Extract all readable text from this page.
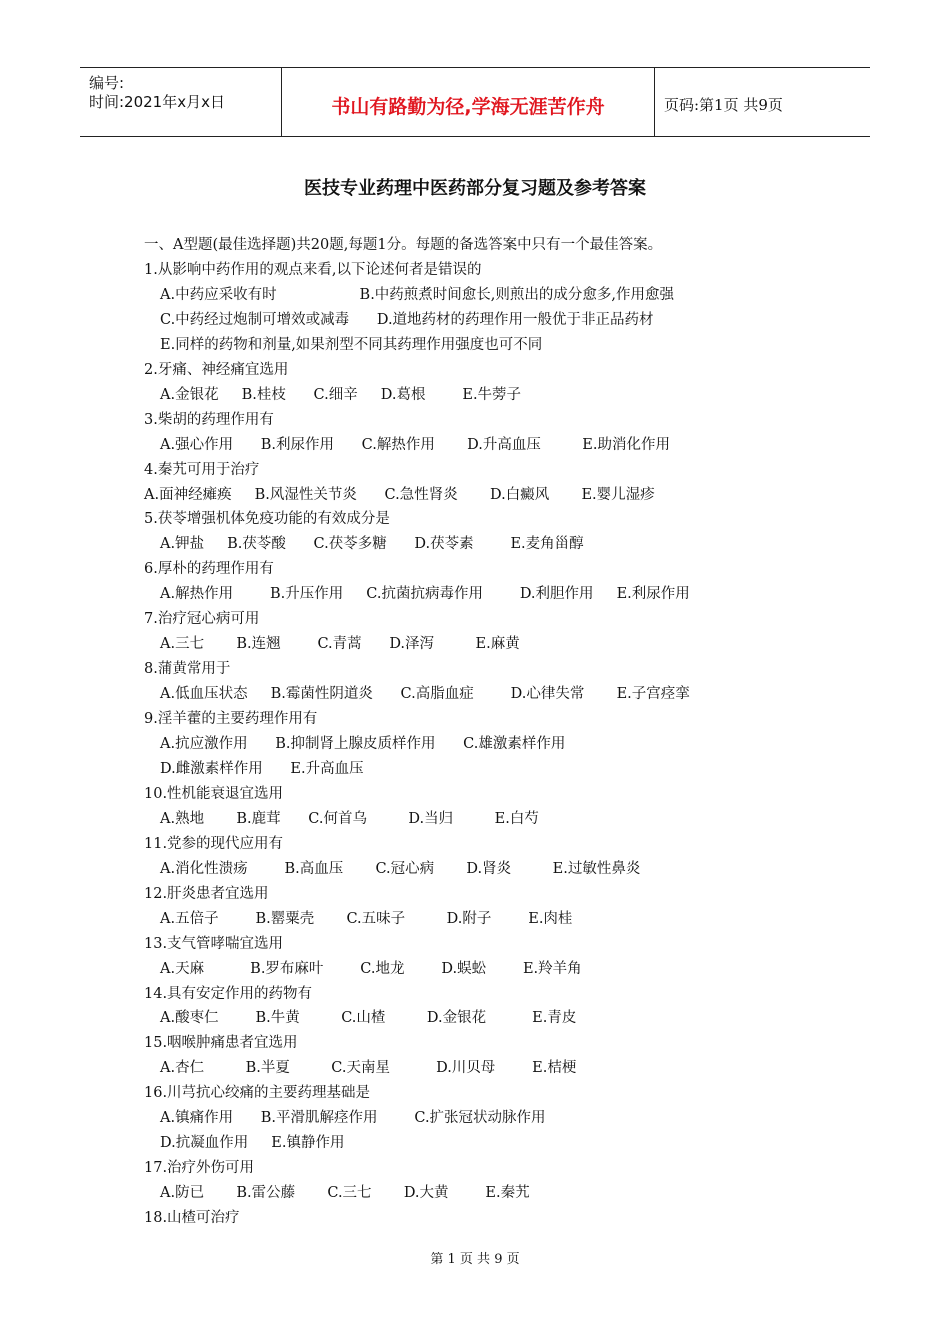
编号:
时间:2021年x月x日	书山有路勤为径,学海无涯苦作舟	页码:第1页 共9页
医技专业药理中医药部分复习题及参考答案
一、A型题(最佳选择题)共20题,每题1分。每题的备选答案中只有一个最佳答案。
1.从影响中药作用的观点来看,以下论述何者是错误的
A.中药应采收有时                  B.中药煎煮时间愈长,则煎出的成分愈多,作用愈强
C.中药经过炮制可增效或减毒      D.道地药材的药理作用一般优于非正品药材
E.同样的药物和剂量,如果剂型不同其药理作用强度也可不同
2.牙痛、神经痛宜选用
A.金银花     B.桂枝      C.细辛     D.葛根        E.牛蒡子
3.柴胡的药理作用有
A.强心作用      B.利尿作用      C.解热作用       D.升高血压         E.助消化作用
4.秦艽可用于治疗
A.面神经瘫痪     B.风湿性关节炎      C.急性肾炎       D.白癜风       E.婴儿湿疹
5.茯苓增强机体免疫功能的有效成分是
A.钾盐     B.茯苓酸      C.茯苓多糖      D.茯苓素        E.麦角甾醇
6.厚朴的药理作用有
A.解热作用        B.升压作用     C.抗菌抗病毒作用        D.利胆作用     E.利尿作用
7.治疗冠心病可用
A.三七       B.连翘        C.青蒿      D.泽泻         E.麻黄
8.蒲黄常用于
A.低血压状态     B.霉菌性阴道炎      C.高脂血症        D.心律失常       E.子宫痉挛
9.淫羊藿的主要药理作用有
A.抗应激作用      B.抑制肾上腺皮质样作用      C.雄激素样作用
D.雌激素样作用      E.升高血压
10.性机能衰退宜选用
A.熟地       B.鹿茸      C.何首乌         D.当归         E.白芍
11.党参的现代应用有
A.消化性溃疡        B.高血压       C.冠心病       D.肾炎         E.过敏性鼻炎
12.肝炎患者宜选用
A.五倍子        B.罂粟壳       C.五味子         D.附子        E.肉桂
13.支气管哮喘宜选用
A.天麻          B.罗布麻叶        C.地龙        D.蜈蚣        E.羚羊角
14.具有安定作用的药物有
A.酸枣仁        B.牛黄         C.山楂         D.金银花          E.青皮
15.咽喉肿痛患者宜选用
A.杏仁         B.半夏         C.天南星          D.川贝母        E.桔梗
16.川芎抗心绞痛的主要药理基础是
A.镇痛作用      B.平滑肌解痉作用        C.扩张冠状动脉作用
D.抗凝血作用     E.镇静作用
17.治疗外伤可用
A.防已       B.雷公藤       C.三七       D.大黄        E.秦艽
18.山楂可治疗
第 1 页 共 9 页
